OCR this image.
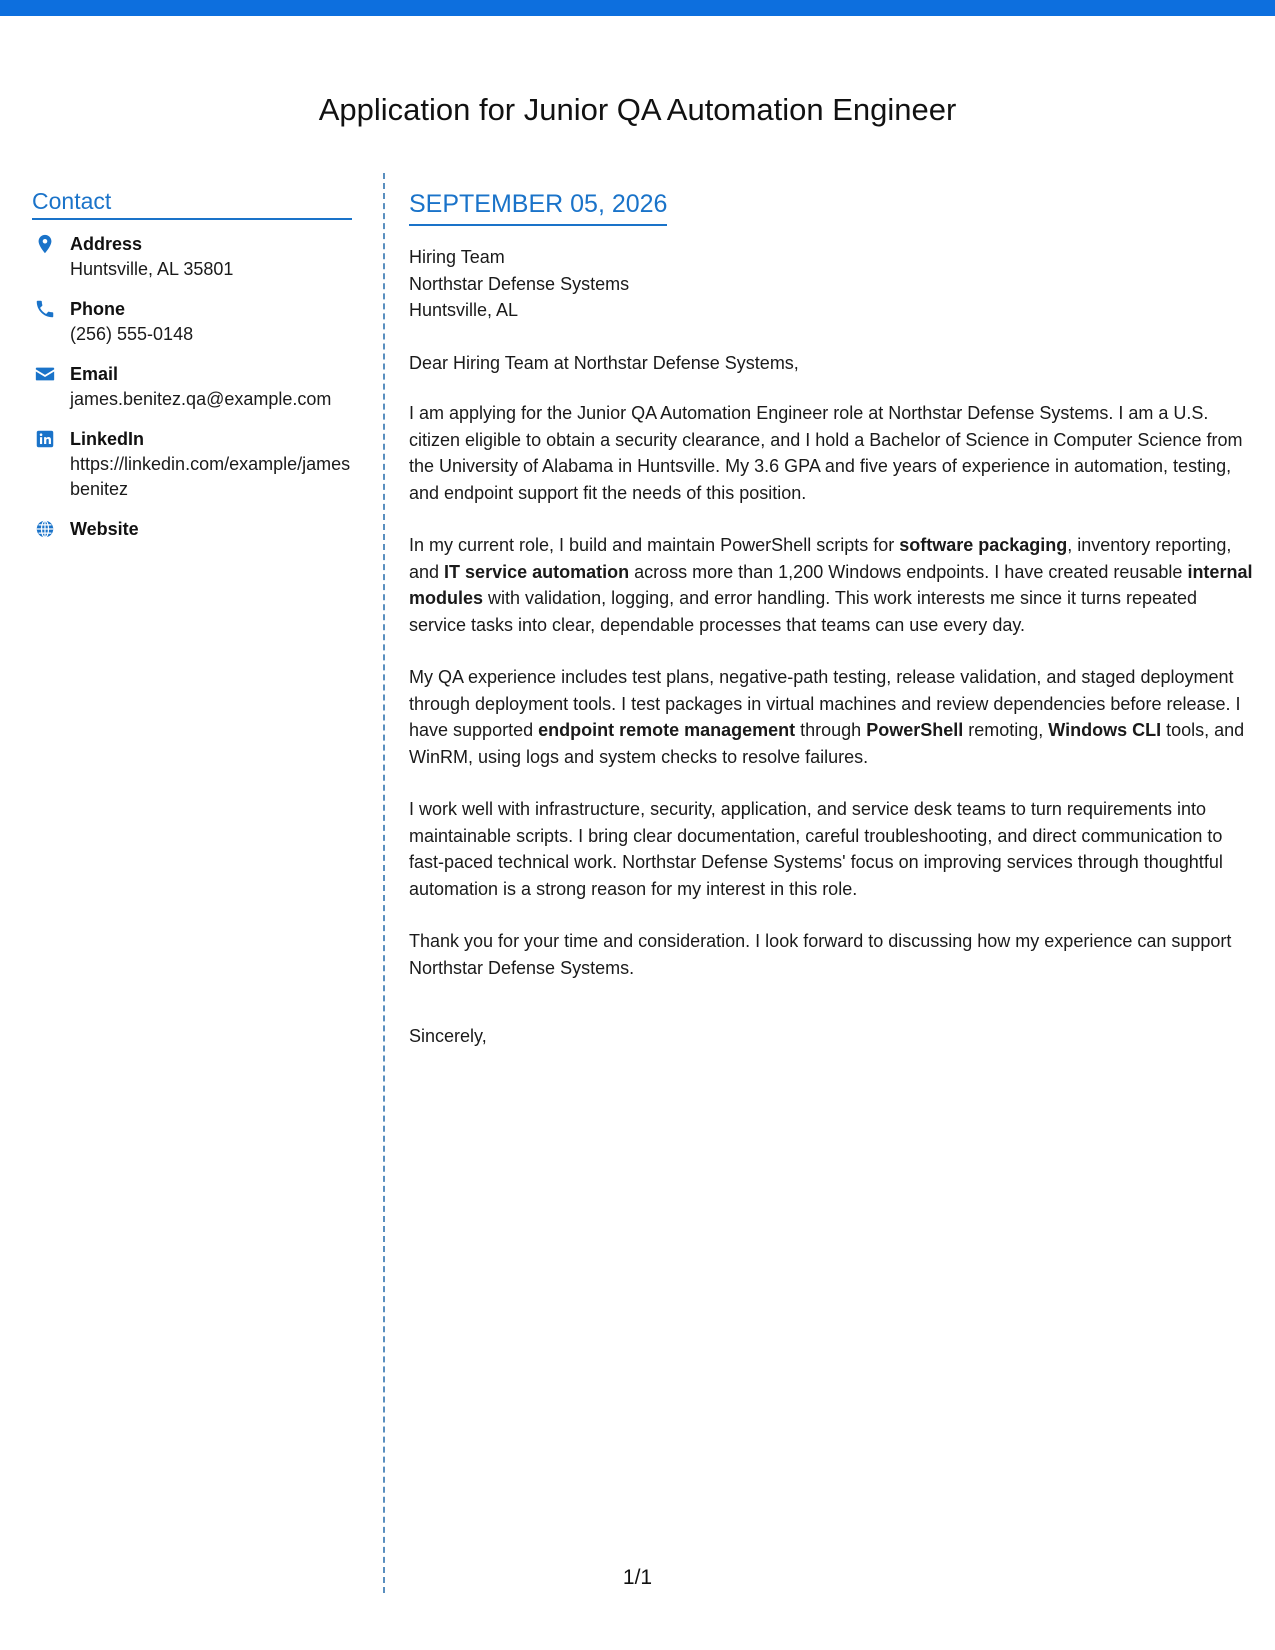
Application for Junior QA Automation Engineer
Contact
Address
Huntsville, AL 35801
Phone
(256) 555-0148
Email
james.benitez.qa@example.com
LinkedIn
https://linkedin.com/example/jamesbenitez
Website
SEPTEMBER 05, 2026
Hiring Team
Northstar Defense Systems
Huntsville, AL

Dear Hiring Team at Northstar Defense Systems,

I am applying for the Junior QA Automation Engineer role at Northstar Defense Systems. I am a U.S. citizen eligible to obtain a security clearance, and I hold a Bachelor of Science in Computer Science from the University of Alabama in Huntsville. My 3.6 GPA and five years of experience in automation, testing, and endpoint support fit the needs of this position.

In my current role, I build and maintain PowerShell scripts for software packaging, inventory reporting, and IT service automation across more than 1,200 Windows endpoints. I have created reusable internal modules with validation, logging, and error handling. This work interests me since it turns repeated service tasks into clear, dependable processes that teams can use every day.

My QA experience includes test plans, negative-path testing, release validation, and staged deployment through deployment tools. I test packages in virtual machines and review dependencies before release. I have supported endpoint remote management through PowerShell remoting, Windows CLI tools, and WinRM, using logs and system checks to resolve failures.

I work well with infrastructure, security, application, and service desk teams to turn requirements into maintainable scripts. I bring clear documentation, careful troubleshooting, and direct communication to fast-paced technical work. Northstar Defense Systems' focus on improving services through thoughtful automation is a strong reason for my interest in this role.

Thank you for your time and consideration. I look forward to discussing how my experience can support Northstar Defense Systems.

Sincerely,

1/1
